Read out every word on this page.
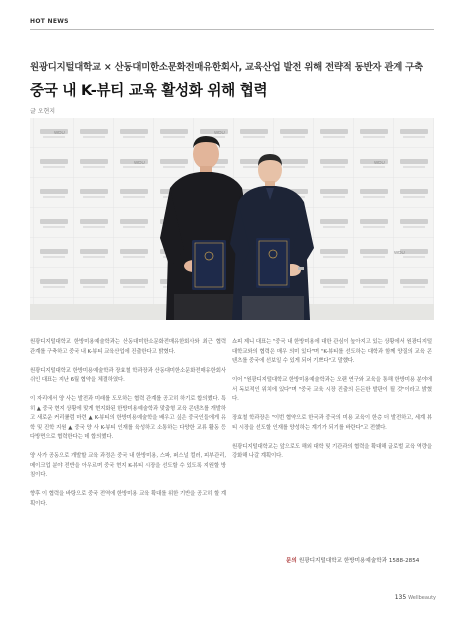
HOT NEWS
원광디지털대학교 × 산동대미한소문화전매유한회사, 교육산업 발전 위해 전략적 동반자 관계 구축
중국 내 K-뷰티 교육 활성화 위해 협력
글 오현지
WDU
WDU
WDU
WDU
WDU

원광디지털대학교 한방미용예술학과는 산동대미한소문화전매유한회사와 최근 협력 관계를 구축하고 중국 내 K-뷰티 교육산업에 진출한다고 밝혔다.

원광디지털대학교 한방미용예술학과 장효철 학과장과 산동대미한소문화전매유한회사 쉬인 대표는 지난 6월 협약을 체결하였다.

이 자리에서 양 사는 발전과 미래를 도모하는 협력 관계를 공고히 하기로 합의했다. 특히 ▲ 중국 현지 상황에 맞게 현지화된 한방미용예술학과 맞춤형 교육 콘텐츠를 개발하고 새로운 커리큘럼 마련 ▲ K-뷰티의 한방미용예술학을 배우고 싶은 중국인들에게 유학 및 진학 지원 ▲ 중국 양 사 K-뷰티 인재를 육성하고 소통하는 다양한 교류 활동 등 다방면으로 협력한다는 데 합의했다.

양 사가 공동으로 개발할 교육 과정은 중국 내 한방미용, 스파, 퍼스널 컬러, 피부관리, 메이크업 분야 전반을 아우르며 중국 현지 K-뷰티 시장을 선도할 수 있도록 지원할 방침이다.

향후 이 협력을 바탕으로 중국 전역에 한방미용 교육 확대를 위한 기반을 공고히 할 계획이다.

쇼피 제니 대표는 "중국 내 한방미용에 대한 관심이 높아지고 있는 상황에서 원광디지털대학교와의 협력은 매우 의미 있다"며 "K-뷰티를 선도하는 대학과 함께 양질의 교육 콘텐츠를 중국에 선보일 수 있게 되어 기쁘다"고 말했다.

이어 "원광디지털대학교 한방미용예술학과는 오랜 연구와 교육을 통해 한방미용 분야에서 독보적인 위치에 있다"며 "중국 교육 시장 진출의 든든한 발판이 될 것"이라고 밝혔다.

장효철 학과장은 "이번 협약으로 한국과 중국의 미용 교육이 한층 더 발전하고, 세계 뷰티 시장을 선도할 인재를 양성하는 계기가 되기를 바란다"고 전했다.

원광디지털대학교는 앞으로도 해외 대학 및 기관과의 협력을 확대해 글로벌 교육 역량을 강화해 나갈 계획이다.

문의 원광디지털대학교 한방미용예술학과 1588-2854
135 Wellbeauty
